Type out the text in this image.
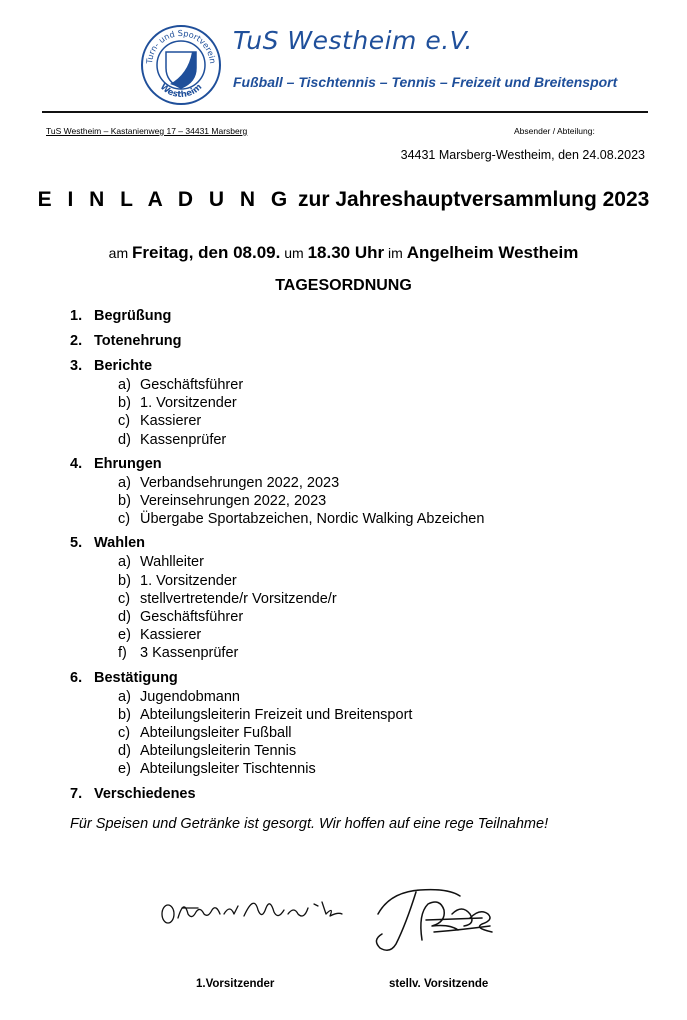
Turn- und Sportverein
Westheim
TuS Westheim e.V.
Fußball – Tischtennis – Tennis – Freizeit und Breitensport
TuS Westheim – Kastanienweg 17 – 34431 Marsberg	Absender / Abteilung:
34431 Marsberg-Westheim, den 24.08.2023
E I N L A D U N G zur Jahreshauptversammlung 2023
am Freitag, den 08.09. um 18.30 Uhr im Angelheim Westheim
TAGESORDNUNG
1. Begrüßung
2. Totenehrung
3. Berichte
a) Geschäftsführer
b) 1. Vorsitzender
c) Kassierer
d) Kassenprüfer
4. Ehrungen
a) Verbandsehrungen 2022, 2023
b) Vereinsehrungen 2022, 2023
c) Übergabe Sportabzeichen, Nordic Walking Abzeichen
5. Wahlen
a) Wahlleiter
b) 1. Vorsitzender
c) stellvertretende/r Vorsitzende/r
d) Geschäftsführer
e) Kassierer
f) 3 Kassenprüfer
6. Bestätigung
a) Jugendobmann
b) Abteilungsleiterin Freizeit und Breitensport
c) Abteilungsleiter Fußball
d) Abteilungsleiterin Tennis
e) Abteilungsleiter Tischtennis
7. Verschiedenes
Für Speisen und Getränke ist gesorgt. Wir hoffen auf eine rege Teilnahme!
1.Vorsitzender	stellv. Vorsitzende
